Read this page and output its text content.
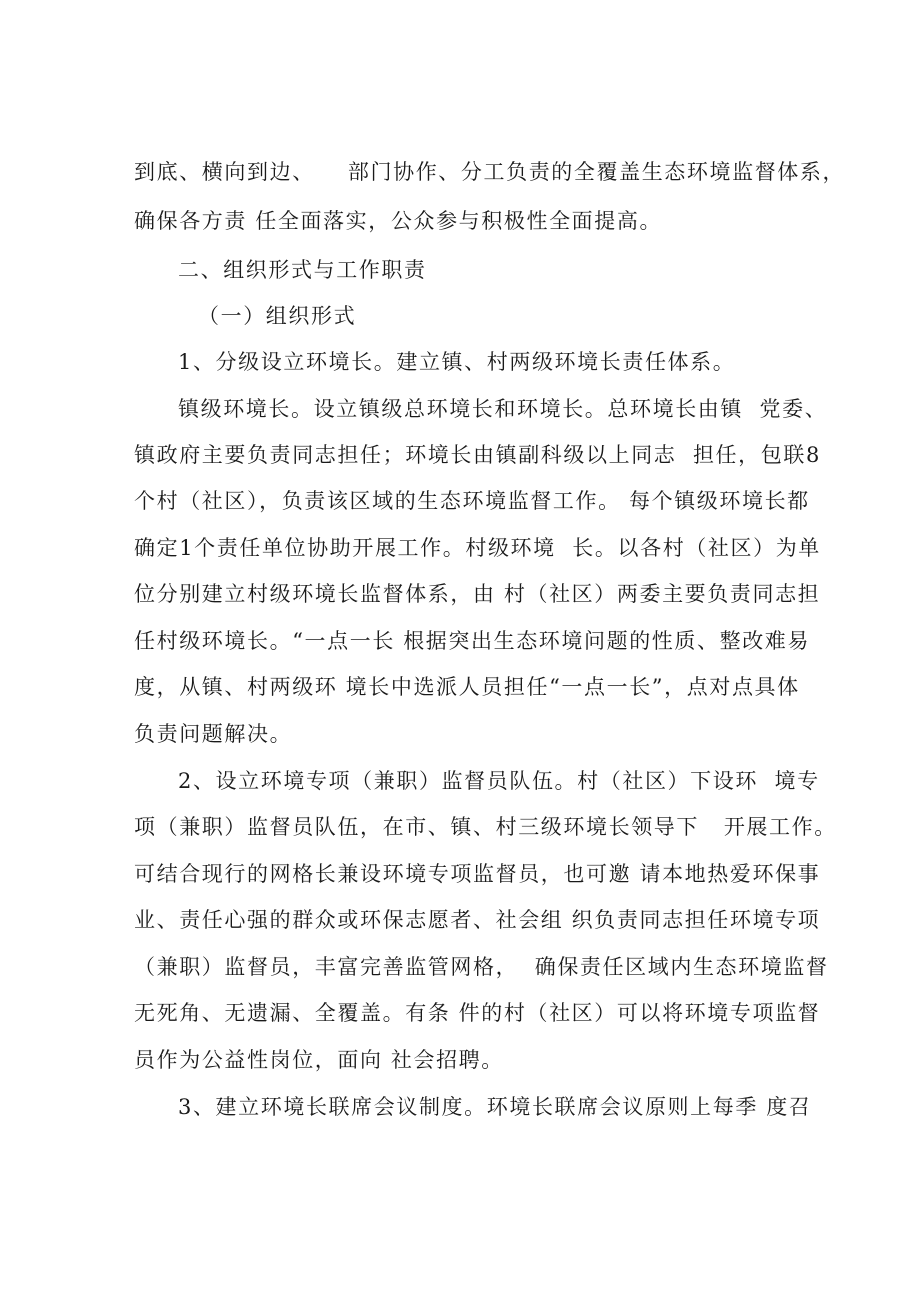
到底、横向到边、    部门协作、分工负责的全覆盖生态环境监督体系，
确保各方责 任全面落实，公众参与积极性全面提高。
二、组织形式与工作职责
（一）组织形式
1、分级设立环境长。建立镇、村两级环境长责任体系。
镇级环境长。设立镇级总环境长和环境长。总环境长由镇  党委、
镇政府主要负责同志担任；环境长由镇副科级以上同志  担任，包联8
个村（社区），负责该区域的生态环境监督工作。 每个镇级环境长都
确定1个责任单位协助开展工作。村级环境  长。以各村（社区）为单
位分别建立村级环境长监督体系，由 村（社区）两委主要负责同志担
任村级环境长。“一点一长 根据突出生态环境问题的性质、整改难易
度，从镇、村两级环 境长中选派人员担任“一点一长”，点对点具体
负责问题解决。
2、设立环境专项（兼职）监督员队伍。村（社区）下设环  境专
项（兼职）监督员队伍，在市、镇、村三级环境长领导下   开展工作。
可结合现行的网格长兼设环境专项监督员，也可邀 请本地热爱环保事
业、责任心强的群众或环保志愿者、社会组 织负责同志担任环境专项
（兼职）监督员，丰富完善监管网格，  确保责任区域内生态环境监督
无死角、无遗漏、全覆盖。有条 件的村（社区）可以将环境专项监督
员作为公益性岗位，面向 社会招聘。
3、建立环境长联席会议制度。环境长联席会议原则上每季 度召
